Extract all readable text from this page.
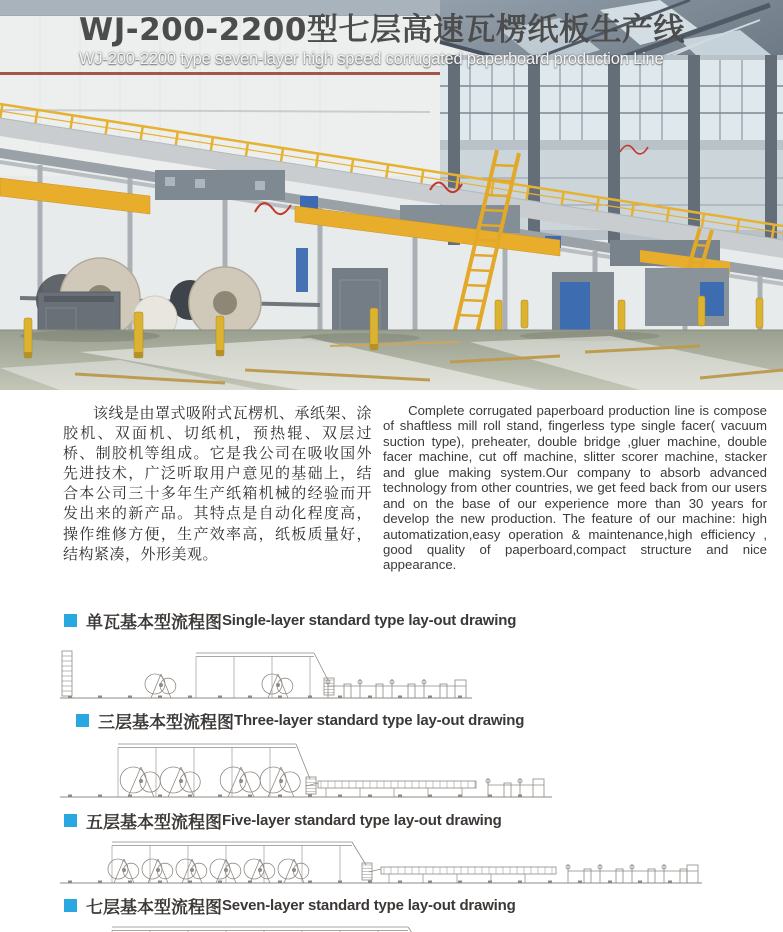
WJ-200-2200型七层高速瓦楞纸板生产线
WJ-200-2200 type seven-layer high speed corrugated paperboard production Line

该线是由罩式吸附式瓦楞机、承纸架、涂胶机、双面机、切纸机，预热辊、双层过桥、制胶机等组成。它是我公司在吸收国外先进技术，广泛听取用户意见的基础上，结合本公司三十多年生产纸箱机械的经验而开发出来的新产品。其特点是自动化程度高，操作维修方便，生产效率高，纸板质量好，结构紧凑，外形美观。

Complete corrugated paperboard production line is compose of shaftless mill roll stand, fingerless type single facer( vacuum suction type), preheater, double bridge ,gluer machine, double facer machine, cut off machine, slitter scorer machine, stacker and glue making system.Our company to absorb advanced technology from other countries, we get feed back from our users and on the base of our experience more than 30 years for develop the new production. The feature of our machine: high automatization,easy operation & maintenance,high efficiency , good quality of paperboard,compact structure and nice appearance.

单瓦基本型流程图 Single-layer standard type lay-out drawing
三层基本型流程图 Three-layer standard type lay-out drawing
五层基本型流程图 Five-layer standard type lay-out drawing
七层基本型流程图 Seven-layer standard type lay-out drawing
